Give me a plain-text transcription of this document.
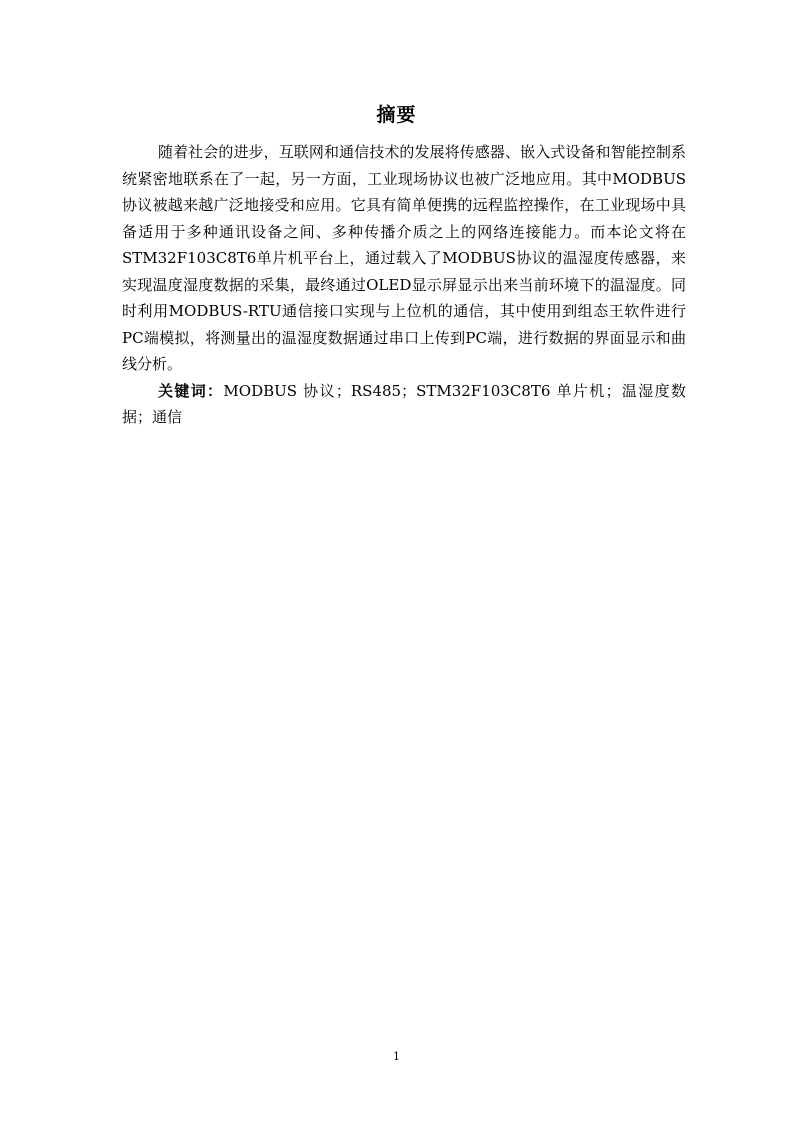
摘要

随着社会的进步，互联网和通信技术的发展将传感器、嵌入式设备和智能控制系统紧密地联系在了一起，另一方面，工业现场协议也被广泛地应用。其中MODBUS协议被越来越广泛地接受和应用。它具有简单便携的远程监控操作，在工业现场中具备适用于多种通讯设备之间、多种传播介质之上的网络连接能力。而本论文将在STM32F103C8T6单片机平台上，通过载入了MODBUS协议的温湿度传感器，来实现温度湿度数据的采集，最终通过OLED显示屏显示出来当前环境下的温湿度。同时利用MODBUS-RTU通信接口实现与上位机的通信，其中使用到组态王软件进行PC端模拟，将测量出的温湿度数据通过串口上传到PC端，进行数据的界面显示和曲线分析。

关键词：MODBUS 协议；RS485；STM32F103C8T6 单片机；温湿度数据；通信

1
